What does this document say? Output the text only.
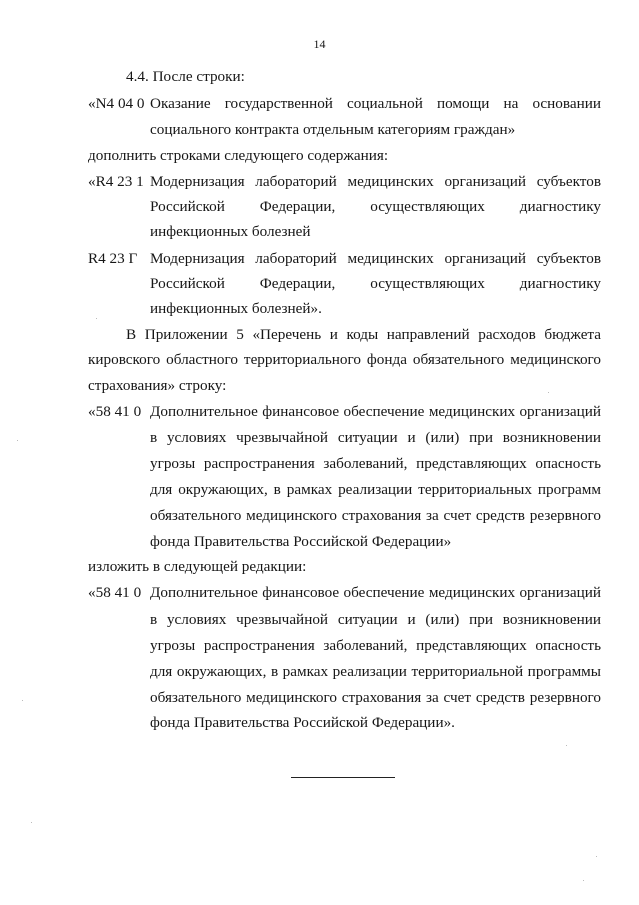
14
4.4. После строки:
«N4 04 0 Оказание государственной социальной помощи на основании
социального контракта отдельным категориям граждан»
дополнить строками следующего содержания:
«R4 23 1 Модернизация лабораторий медицинских организаций субъектов
Российской Федерации, осуществляющих диагностику
инфекционных болезней
R4 23 Г Модернизация лабораторий медицинских организаций субъектов
Российской Федерации, осуществляющих диагностику
инфекционных болезней».
В Приложении 5 «Перечень и коды направлений расходов бюджета
кировского областного территориального фонда обязательного медицинского
страхования» строку:
«58 41 0 Дополнительное финансовое обеспечение медицинских организаций
в условиях чрезвычайной ситуации и (или) при возникновении
угрозы распространения заболеваний, представляющих опасность
для окружающих, в рамках реализации территориальных программ
обязательного медицинского страхования за счет средств резервного
фонда Правительства Российской Федерации»
изложить в следующей редакции:
«58 41 0 Дополнительное финансовое обеспечение медицинских организаций
в условиях чрезвычайной ситуации и (или) при возникновении
угрозы распространения заболеваний, представляющих опасность
для окружающих, в рамках реализации территориальной программы
обязательного медицинского страхования за счет средств резервного
фонда Правительства Российской Федерации».
